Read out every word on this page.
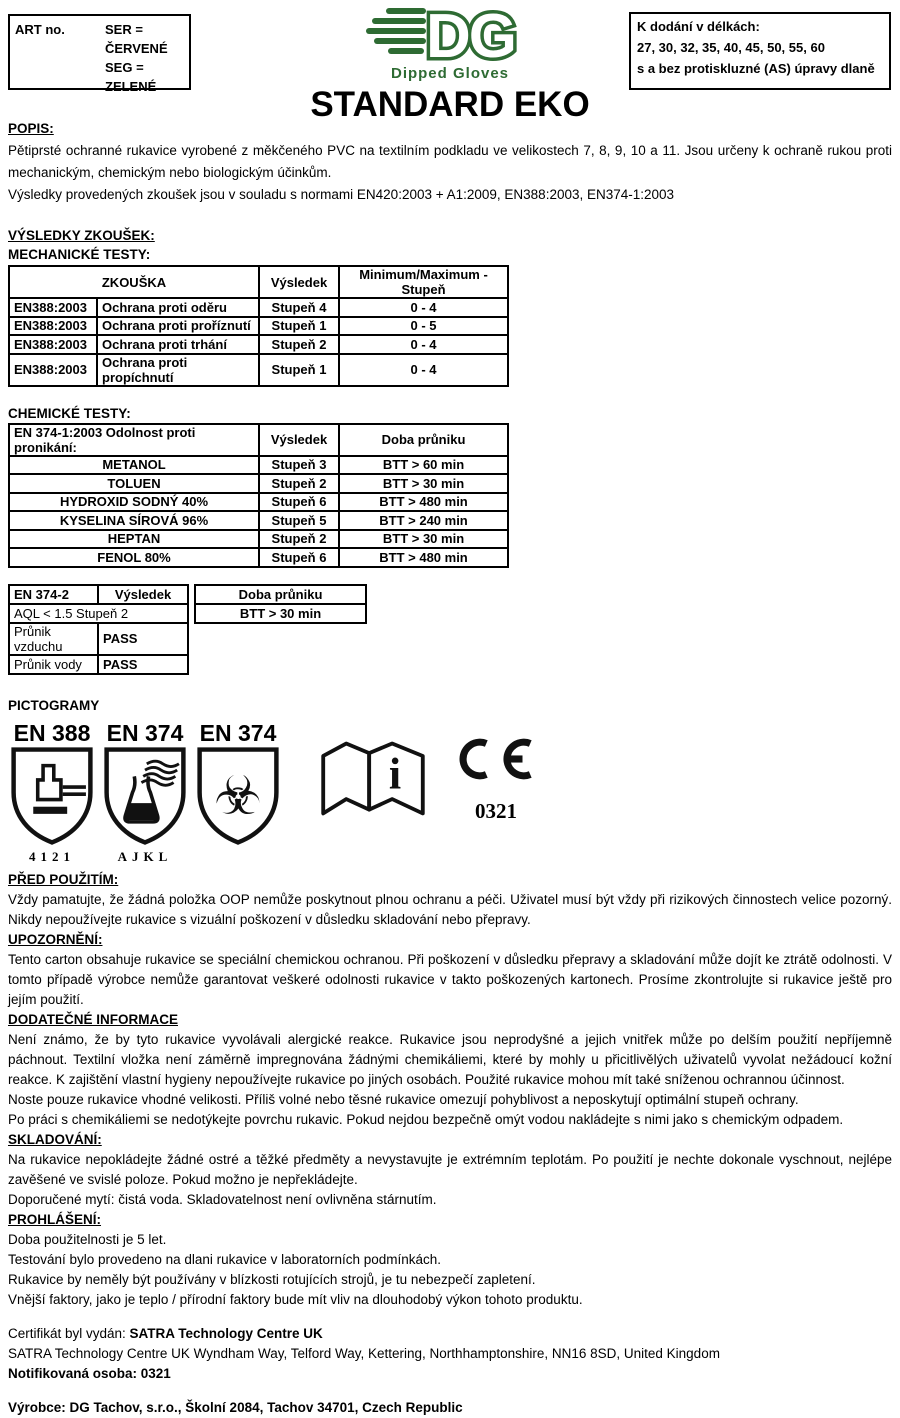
ART no.	SER = ČERVENÉ
SEG = ZELENÉ
DG
Dipped Gloves
STANDARD EKO
K dodání v délkách:
27, 30, 32, 35, 40, 45, 50, 55, 60
s a bez protiskluzné (AS) úpravy dlaně
POPIS:
Pětiprsté ochranné rukavice vyrobené z měkčeného PVC na textilním podkladu ve velikostech 7, 8, 9, 10 a 11. Jsou určeny k ochraně rukou proti mechanickým, chemickým nebo biologickým účinkům.
Výsledky provedených zkoušek jsou v souladu s normami EN420:2003 + A1:2009, EN388:2003, EN374-1:2003
VÝSLEDKY ZKOUŠEK:
MECHANICKÉ TESTY:
ZKOUŠKA		Výsledek	Minimum/Maximum - Stupeň
EN388:2003	Ochrana proti oděru	Stupeň 4	0 - 4
EN388:2003	Ochrana proti proříznutí	Stupeň 1	0 - 5
EN388:2003	Ochrana proti trhání	Stupeň 2	0 - 4
EN388:2003	Ochrana proti propíchnutí	Stupeň 1	0 - 4
CHEMICKÉ TESTY:
EN 374-1:2003 Odolnost proti pronikání:	Výsledek	Doba průniku
METANOL	Stupeň 3	BTT > 60 min
TOLUEN	Stupeň 2	BTT > 30 min
HYDROXID SODNÝ 40%	Stupeň 6	BTT > 480 min
KYSELINA SÍROVÁ 96%	Stupeň 5	BTT > 240 min
HEPTAN	Stupeň 2	BTT > 30 min
FENOL 80%	Stupeň 6	BTT > 480 min
EN 374-2	Výsledek
AQL < 1.5 Stupeň 2	
Průnik vzduchu	PASS
Průnik vody	PASS
Doba průniku
BTT > 30 min
PICTOGRAMY
EN 388
4121
EN 374
AJKL
EN 374
☣	i
0321
PŘED POUŽITÍM:
Vždy pamatujte, že žádná položka OOP nemůže poskytnout plnou ochranu a péči. Uživatel musí být vždy při rizikových činnostech velice pozorný. Nikdy nepoužívejte rukavice s vizuální poškození v důsledku skladování nebo přepravy.
UPOZORNĚNÍ:
Tento carton obsahuje rukavice se speciální chemickou ochranou. Při poškození v důsledku přepravy a skladování může dojít ke ztrátě odolnosti. V tomto případě výrobce nemůže garantovat veškeré odolnosti rukavice v takto poškozených kartonech. Prosíme zkontrolujte si rukavice ještě pro jejím použití.
DODATEČNÉ INFORMACE
Není známo, že by tyto rukavice vyvolávali alergické reakce. Rukavice jsou neprodyšné a jejich vnitřek může po delším použití nepříjemně páchnout. Textilní vložka není záměrně impregnována žádnými chemikáliemi, které by mohly u přicitlivělých uživatelů vyvolat nežádoucí kožní reakce. K zajištění vlastní hygieny nepoužívejte rukavice po jiných osobách. Použité rukavice mohou mít také sníženou ochrannou účinnost.
Noste pouze rukavice vhodné velikosti. Příliš volné nebo těsné rukavice omezují pohyblivost a neposkytují optimální stupeň ochrany.
Po práci s chemikáliemi se nedotýkejte povrchu rukavic. Pokud nejdou bezpečně omýt vodou nakládejte s nimi jako s chemickým odpadem.
SKLADOVÁNÍ:
Na rukavice nepokládejte žádné ostré a těžké předměty a nevystavujte je extrémním teplotám. Po použití je nechte dokonale vyschnout, nejlépe zavěšené ve svislé poloze. Pokud možno je nepřekládejte.
Doporučené mytí: čistá voda. Skladovatelnost není ovlivněna stárnutím.
PROHLÁŠENÍ:
Doba použitelnosti je 5 let.
Testování bylo provedeno na dlani rukavice v laboratorních podmínkách.
Rukavice by neměly být používány v blízkosti rotujících strojů, je tu nebezpečí zapletení.
Vnější faktory, jako je teplo / přírodní faktory bude mít vliv na dlouhodobý výkon tohoto produktu.
Certifikát byl vydán: SATRA Technology Centre UK
SATRA Technology Centre UK Wyndham Way, Telford Way, Kettering, Northhamptonshire, NN16 8SD, United Kingdom
Notifikovaná osoba: 0321
Výrobce: DG Tachov, s.r.o., Školní 2084, Tachov 34701, Czech Republic
